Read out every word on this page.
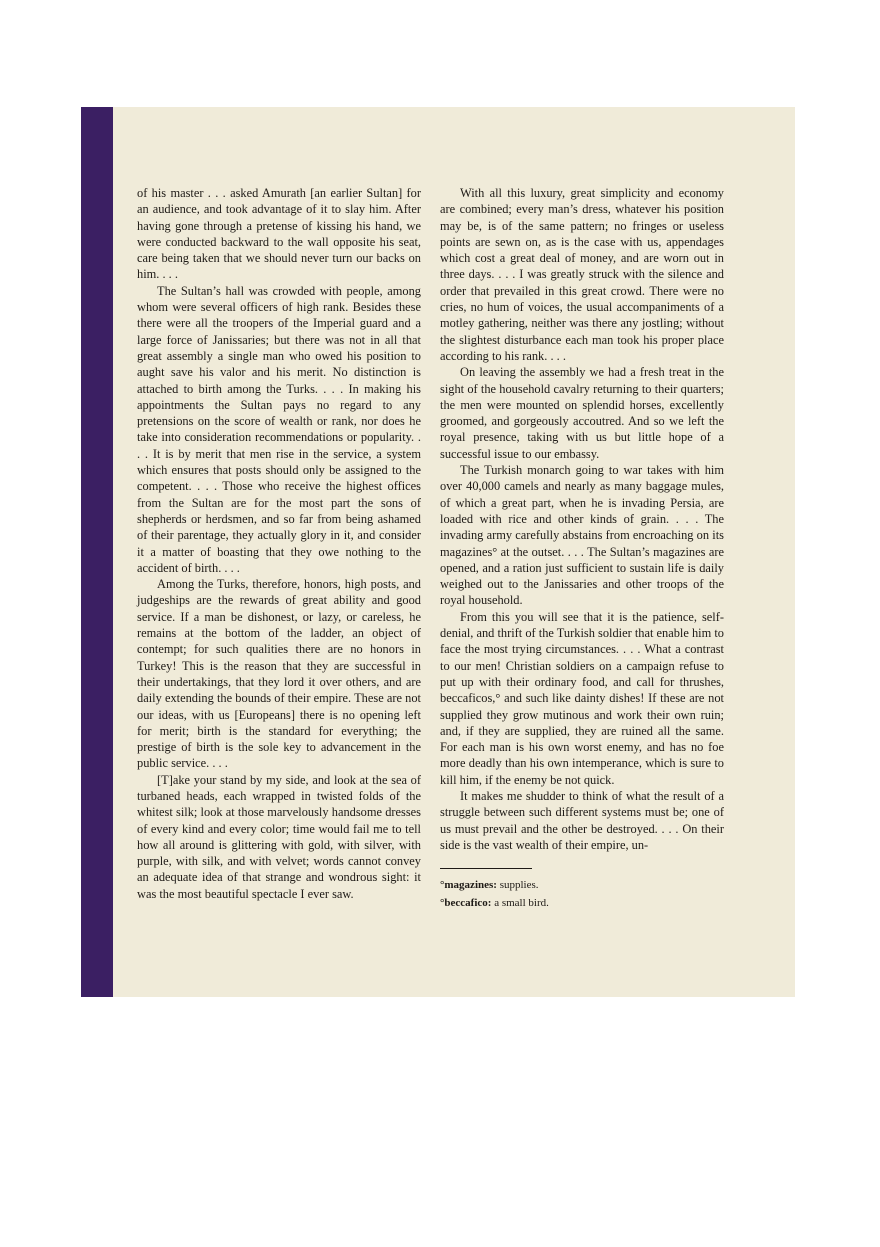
of his master . . . asked Amurath [an earlier Sultan] for an audience, and took advantage of it to slay him. After having gone through a pretense of kissing his hand, we were conducted backward to the wall opposite his seat, care being taken that we should never turn our backs on him. . . .

The Sultan’s hall was crowded with people, among whom were several officers of high rank. Besides these there were all the troopers of the Imperial guard and a large force of Janissaries; but there was not in all that great assembly a single man who owed his position to aught save his valor and his merit. No distinction is attached to birth among the Turks. . . . In making his appointments the Sultan pays no regard to any pretensions on the score of wealth or rank, nor does he take into consideration recommendations or popularity. . . . It is by merit that men rise in the service, a system which ensures that posts should only be assigned to the competent. . . . Those who receive the highest offices from the Sultan are for the most part the sons of shepherds or herdsmen, and so far from being ashamed of their parentage, they actually glory in it, and consider it a matter of boasting that they owe nothing to the accident of birth. . . .

Among the Turks, therefore, honors, high posts, and judgeships are the rewards of great ability and good service. If a man be dishonest, or lazy, or careless, he remains at the bottom of the ladder, an object of contempt; for such qualities there are no honors in Turkey! This is the reason that they are successful in their undertakings, that they lord it over others, and are daily extending the bounds of their empire. These are not our ideas, with us [Europeans] there is no opening left for merit; birth is the standard for everything; the prestige of birth is the sole key to advancement in the public service. . . .

[T]ake your stand by my side, and look at the sea of turbaned heads, each wrapped in twisted folds of the whitest silk; look at those marvelously handsome dresses of every kind and every color; time would fail me to tell how all around is glittering with gold, with silver, with purple, with silk, and with velvet; words cannot convey an adequate idea of that strange and wondrous sight: it was the most beautiful spectacle I ever saw.

With all this luxury, great simplicity and economy are combined; every man’s dress, whatever his position may be, is of the same pattern; no fringes or useless points are sewn on, as is the case with us, appendages which cost a great deal of money, and are worn out in three days. . . . I was greatly struck with the silence and order that prevailed in this great crowd. There were no cries, no hum of voices, the usual accompaniments of a motley gathering, neither was there any jostling; without the slightest disturbance each man took his proper place according to his rank. . . .

On leaving the assembly we had a fresh treat in the sight of the household cavalry returning to their quarters; the men were mounted on splendid horses, excellently groomed, and gorgeously accoutred. And so we left the royal presence, taking with us but little hope of a successful issue to our embassy.

The Turkish monarch going to war takes with him over 40,000 camels and nearly as many baggage mules, of which a great part, when he is invading Persia, are loaded with rice and other kinds of grain. . . . The invading army carefully abstains from encroaching on its magazines° at the outset. . . . The Sultan’s magazines are opened, and a ration just sufficient to sustain life is daily weighed out to the Janissaries and other troops of the royal household.

From this you will see that it is the patience, self-denial, and thrift of the Turkish soldier that enable him to face the most trying circumstances. . . . What a contrast to our men! Christian soldiers on a campaign refuse to put up with their ordinary food, and call for thrushes, beccaficos,° and such like dainty dishes! If these are not supplied they grow mutinous and work their own ruin; and, if they are supplied, they are ruined all the same. For each man is his own worst enemy, and has no foe more deadly than his own intemperance, which is sure to kill him, if the enemy be not quick.

It makes me shudder to think of what the result of a struggle between such different systems must be; one of us must prevail and the other be destroyed. . . . On their side is the vast wealth of their empire, un-

°magazines: supplies.
°beccafico: a small bird.
